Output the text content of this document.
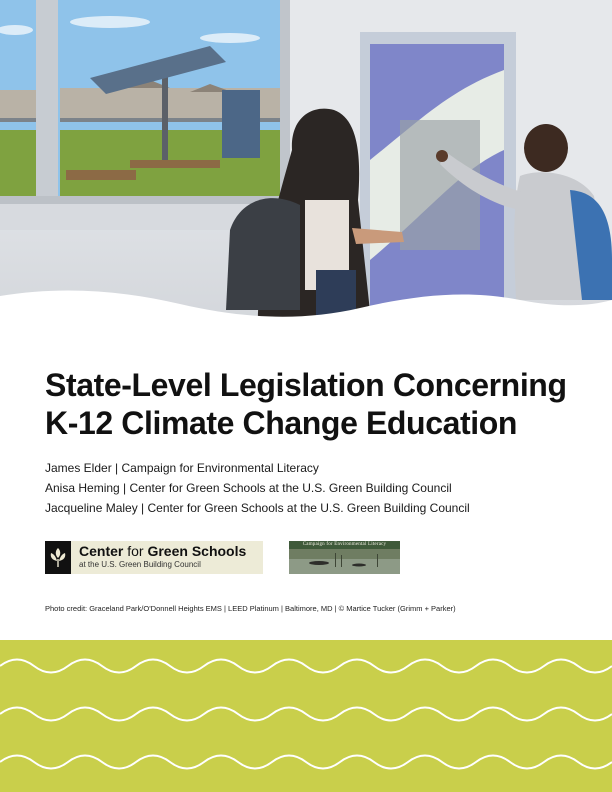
State-Level Legislation Concerning
K-12 Climate Change Education
James Elder | Campaign for Environmental Literacy
Anisa Heming | Center for Green Schools at the U.S. Green Building Council
Jacqueline Maley | Center for Green Schools at the U.S. Green Building Council
Center for Green Schools
at the U.S. Green Building Council
Campaign for Environmental Literacy
Photo credit: Graceland Park/O'Donnell Heights EMS | LEED Platinum | Baltimore, MD | © Martice Tucker (Grimm + Parker)
